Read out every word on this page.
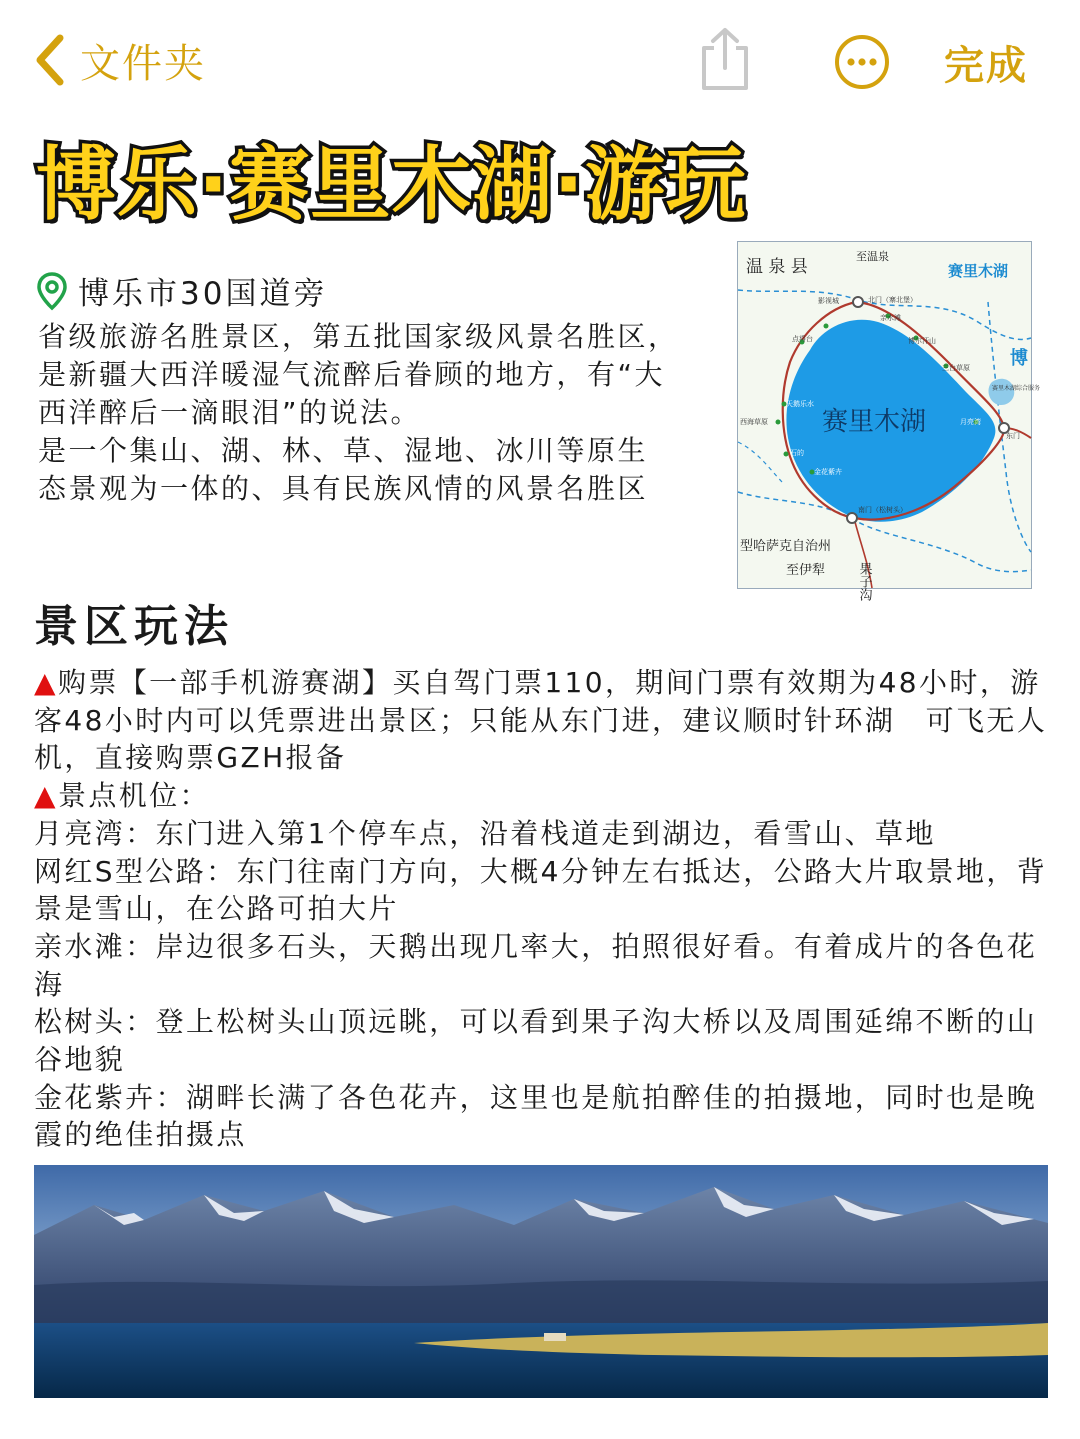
文件夹	完成
博乐·赛里木湖·游玩
博乐市30国道旁

省级旅游名胜景区，第五批国家级风景名胜区，

是新疆大西洋暖湿气流醉后眷顾的地方，有“大

西洋醉后一滴眼泪”的说法。

是一个集山、湖、林、草、湿地、冰川等原生

态景观为一体的、具有民族风情的风景名胜区

温 泉 县
至温泉
赛里木湖
博
赛里木湖
北门（寨北堡）
影视城
亲水滩
点将台	博尔汗山
三台草原
赛里木湖综合服务
东门
月亮湾
西海草原
天鹅乐水
金花紫卉
石的
南门（松树头）
型哈萨克自治州
至伊犁 果子沟
景区玩法

▲购票【一部手机游赛湖】买自驾门票110，期间门票有效期为48小时，游客48小时内可以凭票进出景区；只能从东门进，建议顺时针环湖　可飞无人机，直接购票GZH报备

▲景点机位：

月亮湾：东门进入第1个停车点，沿着栈道走到湖边，看雪山、草地

网红S型公路：东门往南门方向，大概4分钟左右抵达，公路大片取景地，背景是雪山，在公路可拍大片

亲水滩：岸边很多石头，天鹅出现几率大，拍照很好看。有着成片的各色花海

松树头：登上松树头山顶远眺，可以看到果子沟大桥以及周围延绵不断的山谷地貌

金花紫卉：湖畔长满了各色花卉，这里也是航拍醉佳的拍摄地，同时也是晚霞的绝佳拍摄点
